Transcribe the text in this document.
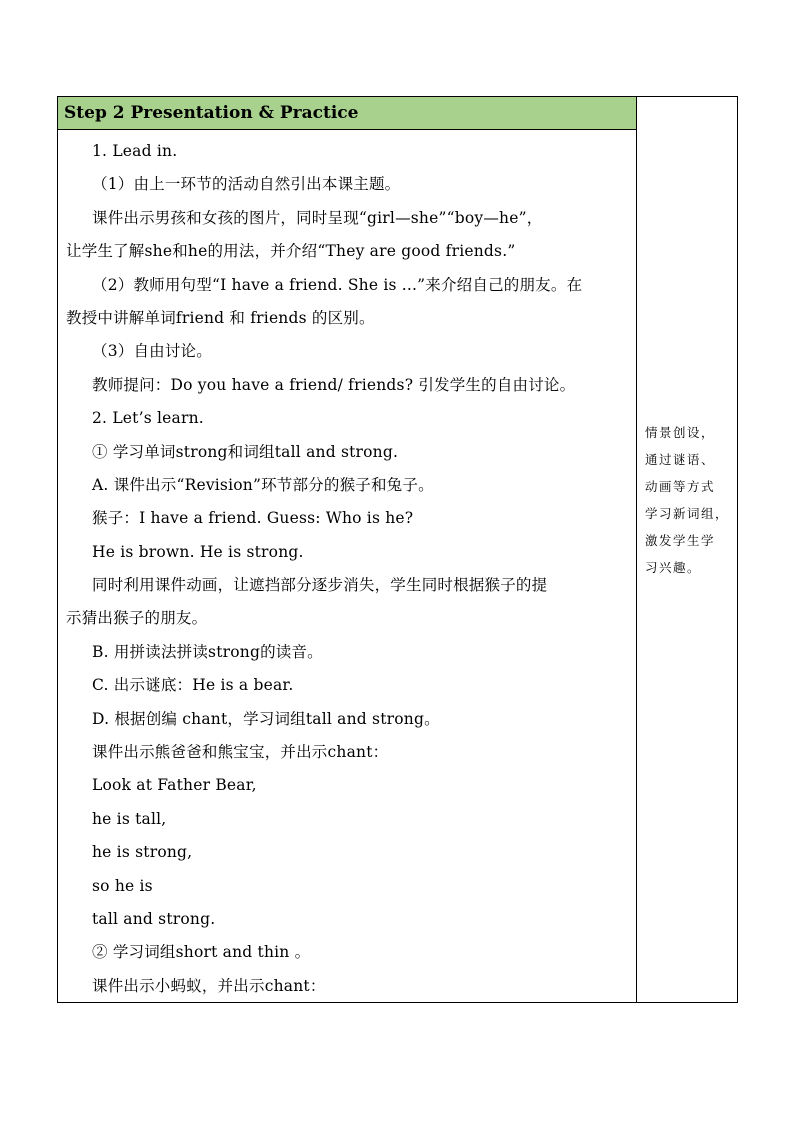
Step 2 Presentation & Practice
1. Lead in.
（1）由上一环节的活动自然引出本课主题。
课件出示男孩和女孩的图片，同时呈现“girl—she”“boy—he”，
让学生了解she和he的用法，并介绍“They are good friends.”
（2）教师用句型“I have a friend. She is ...”来介绍自己的朋友。在
教授中讲解单词friend 和 friends 的区别。
（3）自由讨论。
教师提问：Do you have a friend/ friends? 引发学生的自由讨论。
2. Let’s learn.
① 学习单词strong和词组tall and strong.
A. 课件出示“Revision”环节部分的猴子和兔子。
猴子：I have a friend. Guess: Who is he?
He is brown. He is strong.
同时利用课件动画，让遮挡部分逐步消失，学生同时根据猴子的提
示猜出猴子的朋友。
B. 用拼读法拼读strong的读音。
C. 出示谜底：He is a bear.
D. 根据创编 chant，学习词组tall and strong。
课件出示熊爸爸和熊宝宝，并出示chant：
Look at Father Bear,
he is tall,
he is strong,
so he is
tall and strong.
② 学习词组short and thin 。
课件出示小蚂蚁，并出示chant：
情景创设，
通过谜语、
动画等方式
学习新词组，
激发学生学
习兴趣。
